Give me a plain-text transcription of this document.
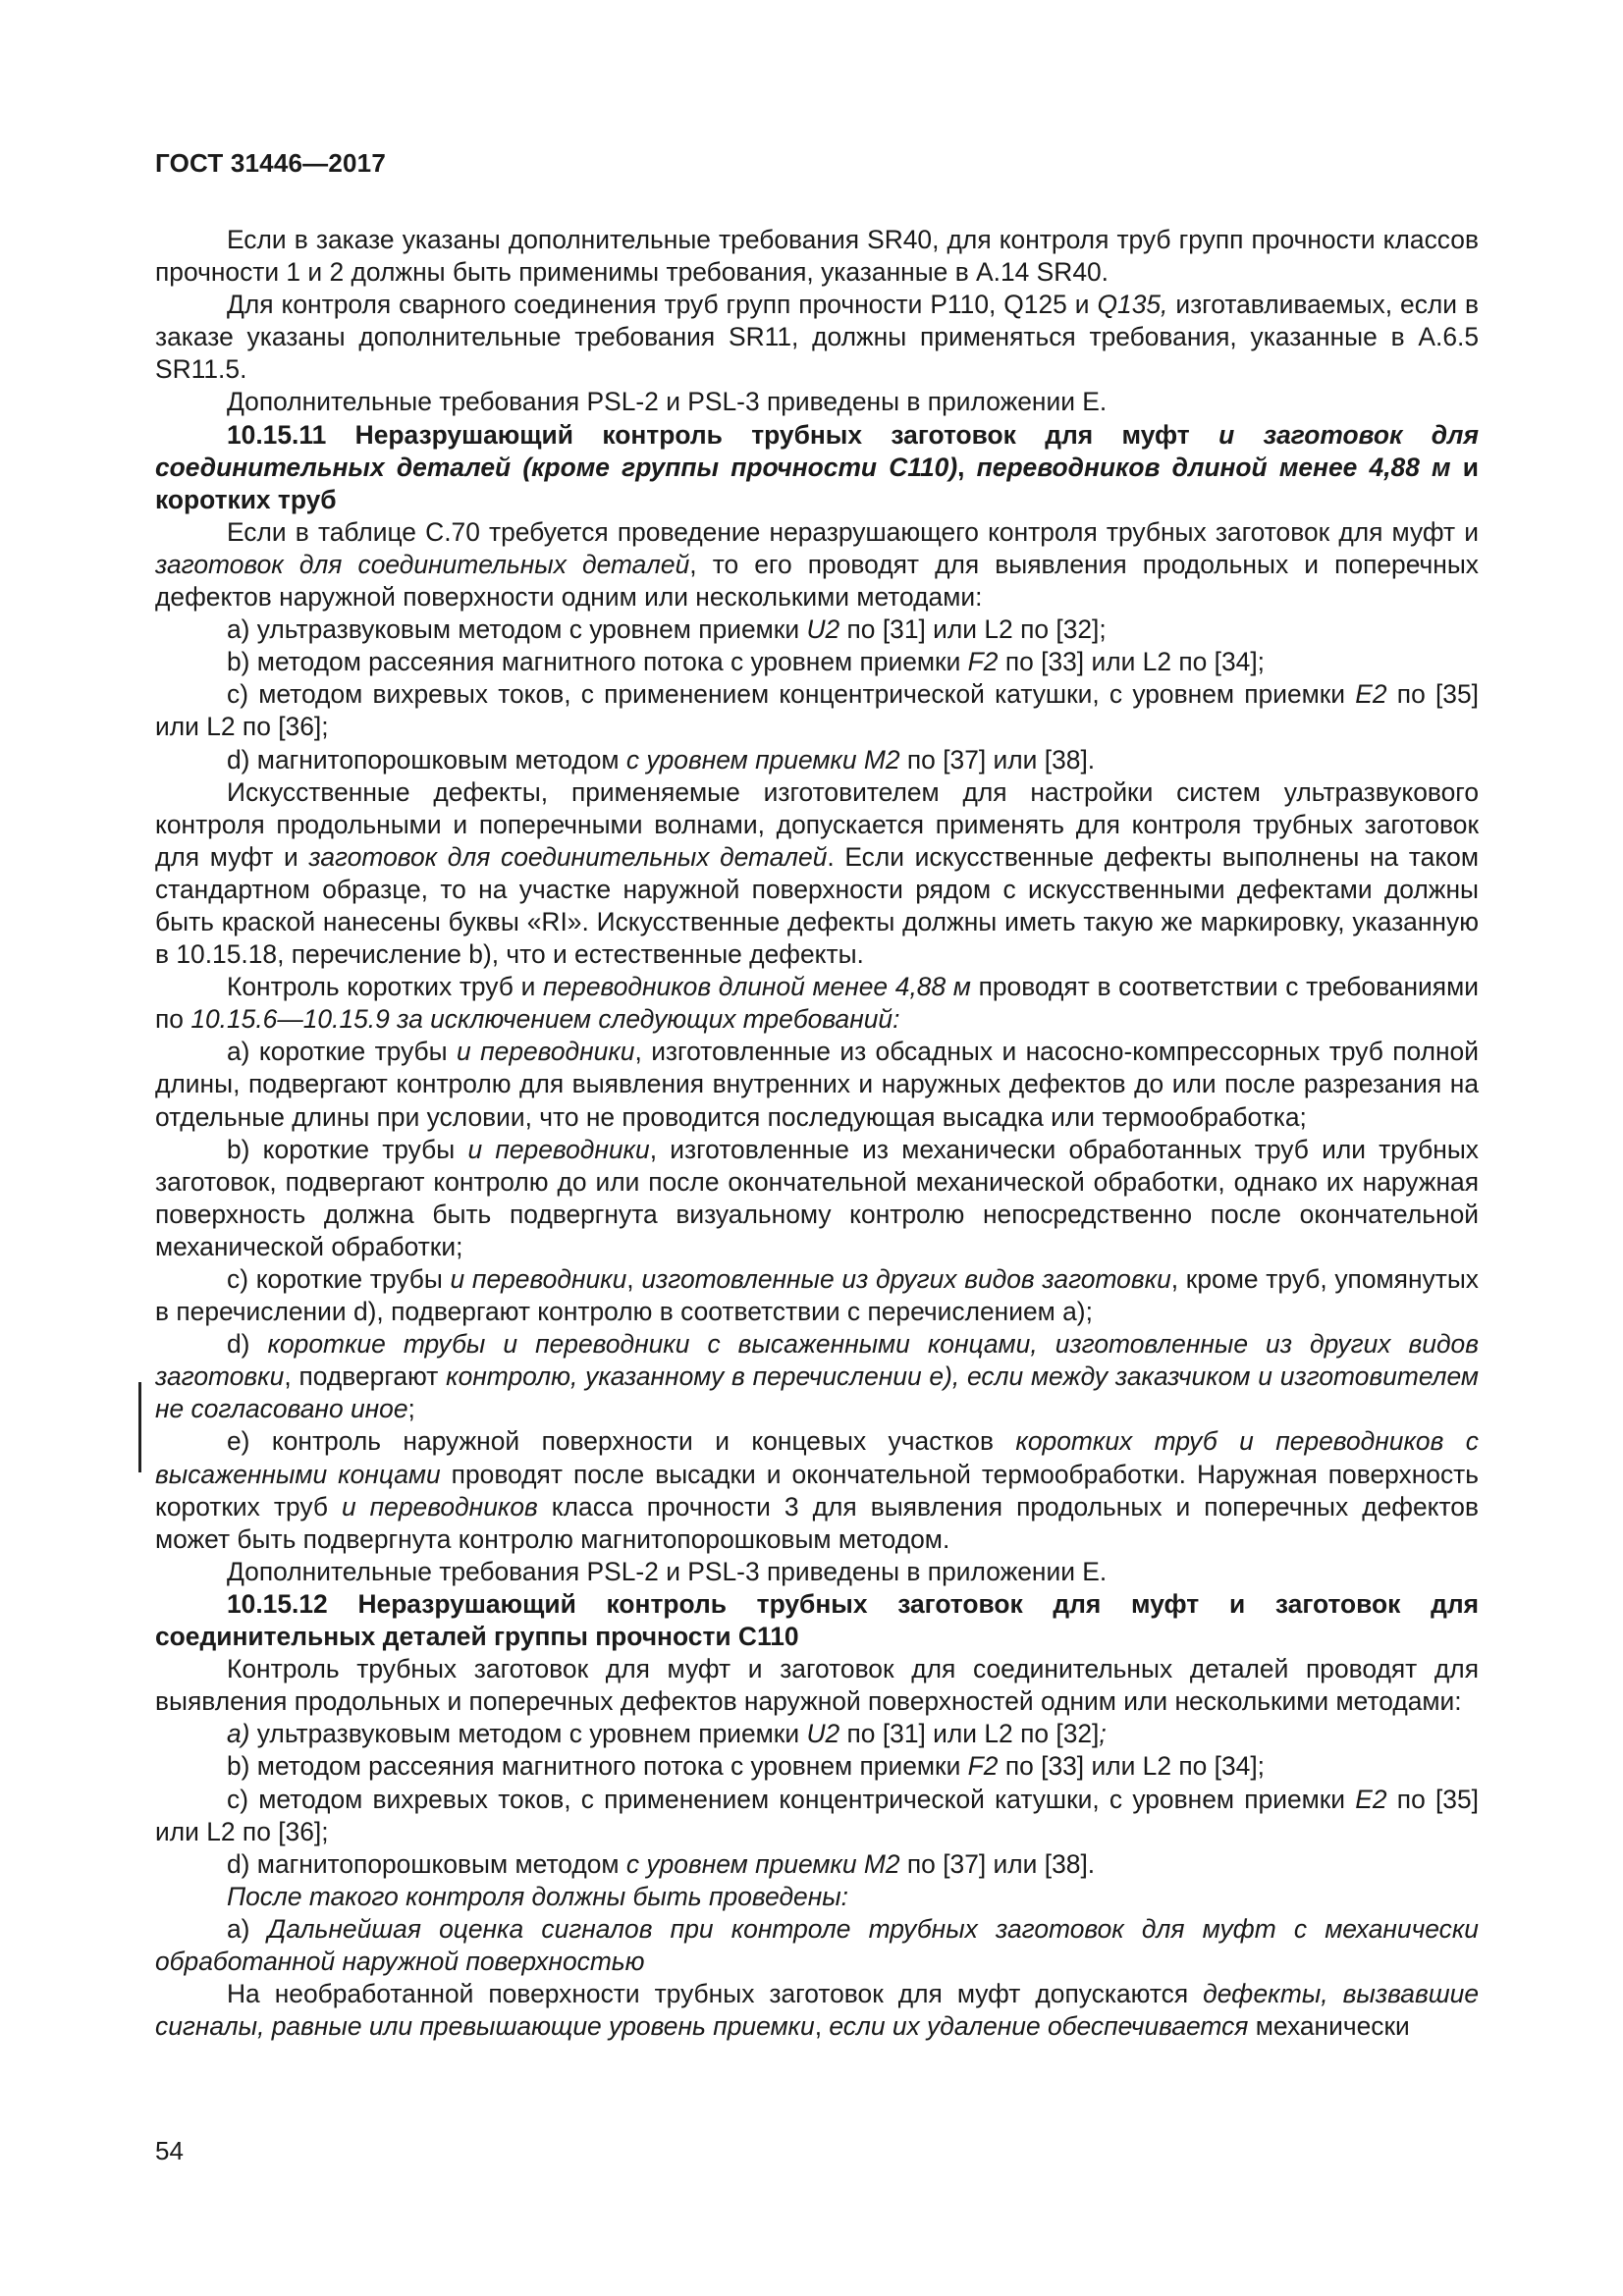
ГОСТ 31446—2017

Если в заказе указаны дополнительные требования SR40, для контроля труб групп прочности классов прочности 1 и 2 должны быть применимы требования, указанные в А.14 SR40.

Для контроля сварного соединения труб групп прочности Р110, Q125 и Q135, изготавливаемых, если в заказе указаны дополнительные требования SR11, должны применяться требования, указанные в А.6.5 SR11.5.

Дополнительные требования PSL-2 и PSL-3 приведены в приложении Е.

10.15.11 Неразрушающий контроль трубных заготовок для муфт и заготовок для соединительных деталей (кроме группы прочности С110), переводников длиной менее 4,88 м и коротких труб

Если в таблице С.70 требуется проведение неразрушающего контроля трубных заготовок для муфт и заготовок для соединительных деталей, то его проводят для выявления продольных и поперечных дефектов наружной поверхности одним или несколькими методами:

a) ультразвуковым методом с уровнем приемки U2 по [31] или L2 по [32];

b) методом рассеяния магнитного потока с уровнем приемки F2 по [33] или L2 по [34];

c) методом вихревых токов, с применением концентрической катушки, с уровнем приемки E2 по [35] или L2 по [36];

d) магнитопорошковым методом с уровнем приемки М2 по [37] или [38].

Искусственные дефекты, применяемые изготовителем для настройки систем ультразвукового контроля продольными и поперечными волнами, допускается применять для контроля трубных заготовок для муфт и заготовок для соединительных деталей. Если искусственные дефекты выполнены на таком стандартном образце, то на участке наружной поверхности рядом с искусственными дефектами должны быть краской нанесены буквы «RI». Искусственные дефекты должны иметь такую же маркировку, указанную в 10.15.18, перечисление b), что и естественные дефекты.

Контроль коротких труб и переводников длиной менее 4,88 м проводят в соответствии с требованиями по 10.15.6—10.15.9 за исключением следующих требований:

a) короткие трубы и переводники, изготовленные из обсадных и насосно-компрессорных труб полной длины, подвергают контролю для выявления внутренних и наружных дефектов до или после разрезания на отдельные длины при условии, что не проводится последующая высадка или термообработка;

b) короткие трубы и переводники, изготовленные из механически обработанных труб или трубных заготовок, подвергают контролю до или после окончательной механической обработки, однако их наружная поверхность должна быть подвергнута визуальному контролю непосредственно после окончательной механической обработки;

c) короткие трубы и переводники, изготовленные из других видов заготовки, кроме труб, упомянутых в перечислении d), подвергают контролю в соответствии с перечислением а);

d) короткие трубы и переводники с высаженными концами, изготовленные из других видов заготовки, подвергают контролю, указанному в перечислении е), если между заказчиком и изготовителем не согласовано иное;

е) контроль наружной поверхности и концевых участков коротких труб и переводников с высаженными концами проводят после высадки и окончательной термообработки. Наружная поверхность коротких труб и переводников класса прочности 3 для выявления продольных и поперечных дефектов может быть подвергнута контролю магнитопорошковым методом.

Дополнительные требования PSL-2 и PSL-3 приведены в приложении Е.

10.15.12 Неразрушающий контроль трубных заготовок для муфт и заготовок для соединительных деталей группы прочности С110

Контроль трубных заготовок для муфт и заготовок для соединительных деталей проводят для выявления продольных и поперечных дефектов наружной поверхностей одним или несколькими методами:

a) ультразвуковым методом с уровнем приемки U2 по [31] или L2 по [32];

b) методом рассеяния магнитного потока с уровнем приемки F2 по [33] или L2 по [34];

c) методом вихревых токов, с применением концентрической катушки, с уровнем приемки E2 по [35] или L2 по [36];

d) магнитопорошковым методом с уровнем приемки М2 по [37] или [38].

После такого контроля должны быть проведены:

а) Дальнейшая оценка сигналов при контроле трубных заготовок для муфт с механически обработанной наружной поверхностью

На необработанной поверхности трубных заготовок для муфт допускаются дефекты, вызвавшие сигналы, равные или превышающие уровень приемки, если их удаление обеспечивается механически

54
